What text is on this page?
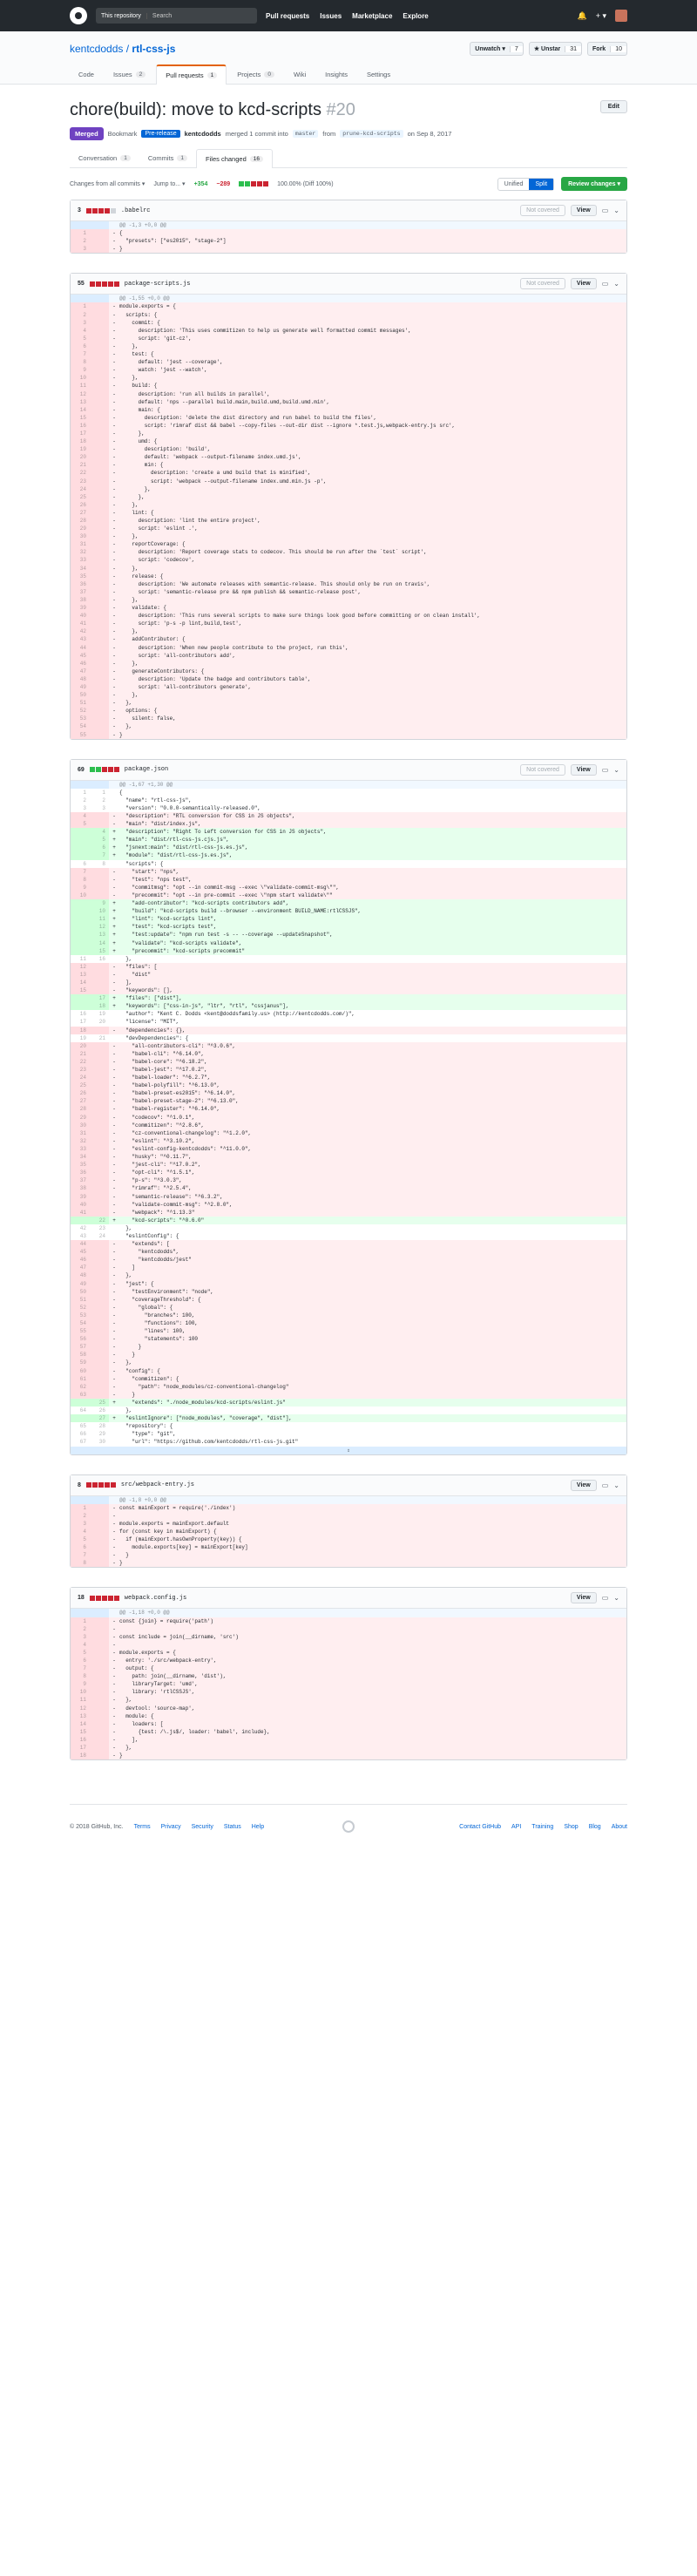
This repository	Search	Pull requests Issues Marketplace Explore	🔔 + ▾
kentcdodds / rtl-css-js	Unwatch ▾	7	★ Unstar	31	Fork	10
Code	Issues	2	Pull requests	1	Projects	0	Wiki	Insights	Settings
chore(build): move to kcd-scripts #20	Edit
Merged	Bookmark	Pre-release	kentcdodds merged 1 commit into	master	from	prune-kcd-scripts	on Sep 8, 2017
Conversation	1	Commits	1	Files changed	16
Changes from all commits ▾ Jump to... ▾ +354 −289	100.00% (Diff 100%)	Unified	Split	Review changes ▾
3	.babelrc	Not covered	View	▭ ⌄
			@@ -1,3 +0,0 @@
1		-	{
2		-	"presets": ["es2015", "stage-2"]
3		-	}
55	package-scripts.js	Not covered	View	▭ ⌄
			@@ -1,55 +0,0 @@
1		-	module.exports = {
2		-	scripts: {
3		-	commit: {
4		-	description: 'This uses commitizen to help us generate well formatted commit messages',
5		-	script: 'git-cz',
6		-	},
7		-	test: {
8		-	default: 'jest --coverage',
9		-	watch: 'jest --watch',
10		-	},
11		-	build: {
12		-	description: 'run all builds in parallel',
13		-	default: 'nps --parallel build.main,build.umd,build.umd.min',
14		-	main: {
15		-	description: 'delete the dist directory and run babel to build the files',
16		-	script: 'rimraf dist && babel --copy-files --out-dir dist --ignore *.test.js,webpack-entry.js src',
17		-	},
18		-	umd: {
19		-	description: 'build',
20		-	default: 'webpack --output-filename index.umd.js',
21		-	min: {
22		-	description: 'create a umd build that is minified',
23		-	script: 'webpack --output-filename index.umd.min.js -p',
24		-	},
25		-	},
26		-	},
27		-	lint: {
28		-	description: 'lint the entire project',
29		-	script: 'eslint .',
30		-	},
31		-	reportCoverage: {
32		-	description: 'Report coverage stats to codecov. This should be run after the `test` script',
33		-	script: 'codecov',
34		-	},
35		-	release: {
36		-	description: 'We automate releases with semantic-release. This should only be run on travis',
37		-	script: 'semantic-release pre && npm publish && semantic-release post',
38		-	},
39		-	validate: {
40		-	description: 'This runs several scripts to make sure things look good before committing or on clean install',
41		-	script: 'p-s -p lint,build,test',
42		-	},
43		-	addContributor: {
44		-	description: 'When new people contribute to the project, run this',
45		-	script: 'all-contributors add',
46		-	},
47		-	generateContributors: {
48		-	description: 'Update the badge and contributors table',
49		-	script: 'all-contributors generate',
50		-	},
51		-	},
52		-	options: {
53		-	silent: false,
54		-	},
55		-	}
69	package.json	Not covered	View	▭ ⌄
			@@ -1,67 +1,30 @@
1	1		{
2	2		"name": "rtl-css-js",
3	3		"version": "0.0.0-semantically-released.0",
4		-	"description": "RTL conversion for CSS in JS objects",
5		-	"main": "dist/index.js",
	4	+	"description": "Right To Left conversion for CSS in JS objects",
	5	+	"main": "dist/rtl-css-js.cjs.js",
	6	+	"jsnext:main": "dist/rtl-css-js.es.js",
	7	+	"module": "dist/rtl-css-js.es.js",
6	8		"scripts": {
7		-	"start": "nps",
8		-	"test": "nps test",
9		-	"commitmsg": "opt --in commit-msg --exec \"validate-commit-msg\"",
10		-	"precommit": "opt --in pre-commit --exec \"npm start validate\""
	9	+	"add-contributor": "kcd-scripts contributors add",
	10	+	"build": "kcd-scripts build --browser --environment BUILD_NAME:rtlCSSJS",
	11	+	"lint": "kcd-scripts lint",
	12	+	"test": "kcd-scripts test",
	13	+	"test:update": "npm run test -s -- --coverage --updateSnapshot",
	14	+	"validate": "kcd-scripts validate",
	15	+	"precommit": "kcd-scripts precommit"
11	16		},
12		-	"files": [
13		-	"dist"
14		-	],
15		-	"keywords": [],
	17	+	"files": ["dist"],
	18	+	"keywords": ["css-in-js", "ltr", "rtl", "cssjanus"],
16	19		"author": "Kent C. Dodds <kent@doddsfamily.us> (http://kentcdodds.com/)",
17	20		"license": "MIT",
18		-	"dependencies": {},
19	21		"devDependencies": {
20		-	"all-contributors-cli": "^3.0.6",
21		-	"babel-cli": "^6.14.0",
22		-	"babel-core": "^6.18.2",
23		-	"babel-jest": "^17.0.2",
24		-	"babel-loader": "^6.2.7",
25		-	"babel-polyfill": "^6.13.0",
26		-	"babel-preset-es2015": "^6.14.0",
27		-	"babel-preset-stage-2": "^6.13.0",
28		-	"babel-register": "^6.14.0",
29		-	"codecov": "^1.0.1",
30		-	"commitizen": "^2.8.6",
31		-	"cz-conventional-changelog": "^1.2.0",
32		-	"eslint": "^3.10.2",
33		-	"eslint-config-kentcdodds": "^11.0.0",
34		-	"husky": "^0.11.7",
35		-	"jest-cli": "^17.0.2",
36		-	"opt-cli": "^1.5.1",
37		-	"p-s": "^3.0.3",
38		-	"rimraf": "^2.5.4",
39		-	"semantic-release": "^6.3.2",
40		-	"validate-commit-msg": "^2.8.0",
41		-	"webpack": "^1.13.3"
	22	+	"kcd-scripts": "^0.6.0"
42	23		},
43	24		"eslintConfig": {
44		-	"extends": [
45		-	"kentcdodds",
46		-	"kentcdodds/jest"
47		-	]
48		-	},
49		-	"jest": {
50		-	"testEnvironment": "node",
51		-	"coverageThreshold": {
52		-	"global": {
53		-	"branches": 100,
54		-	"functions": 100,
55		-	"lines": 100,
56		-	"statements": 100
57		-	}
58		-	}
59		-	},
60		-	"config": {
61		-	"commitizen": {
62		-	"path": "node_modules/cz-conventional-changelog"
63		-	}
	25	+	"extends": "./node_modules/kcd-scripts/eslint.js"
64	26		},
	27	+	"eslintIgnore": ["node_modules", "coverage", "dist"],
65	28		"repository": {
66	29		"type": "git",
67	30		"url": "https://github.com/kentcdodds/rtl-css-js.git"
⇕			
8	src/webpack-entry.js	View	▭ ⌄
			@@ -1,8 +0,0 @@
1		-	const mainExport = require('./index')
2		-	
3		-	module.exports = mainExport.default
4		-	for (const key in mainExport) {
5		-	if (mainExport.hasOwnProperty(key)) {
6		-	module.exports[key] = mainExport[key]
7		-	}
8		-	}
18	webpack.config.js	View	▭ ⌄
			@@ -1,18 +0,0 @@
1		-	const {join} = require('path')
2		-	
3		-	const include = join(__dirname, 'src')
4		-	
5		-	module.exports = {
6		-	entry: './src/webpack-entry',
7		-	output: {
8		-	path: join(__dirname, 'dist'),
9		-	libraryTarget: 'umd',
10		-	library: 'rtlCSSJS',
11		-	},
12		-	devtool: 'source-map',
13		-	module: {
14		-	loaders: [
15		-	{test: /\.js$/, loader: 'babel', include},
16		-	],
17		-	},
18		-	}
© 2018 GitHub, Inc. Terms Privacy Security Status Help	Contact GitHub API Training Shop Blog About
